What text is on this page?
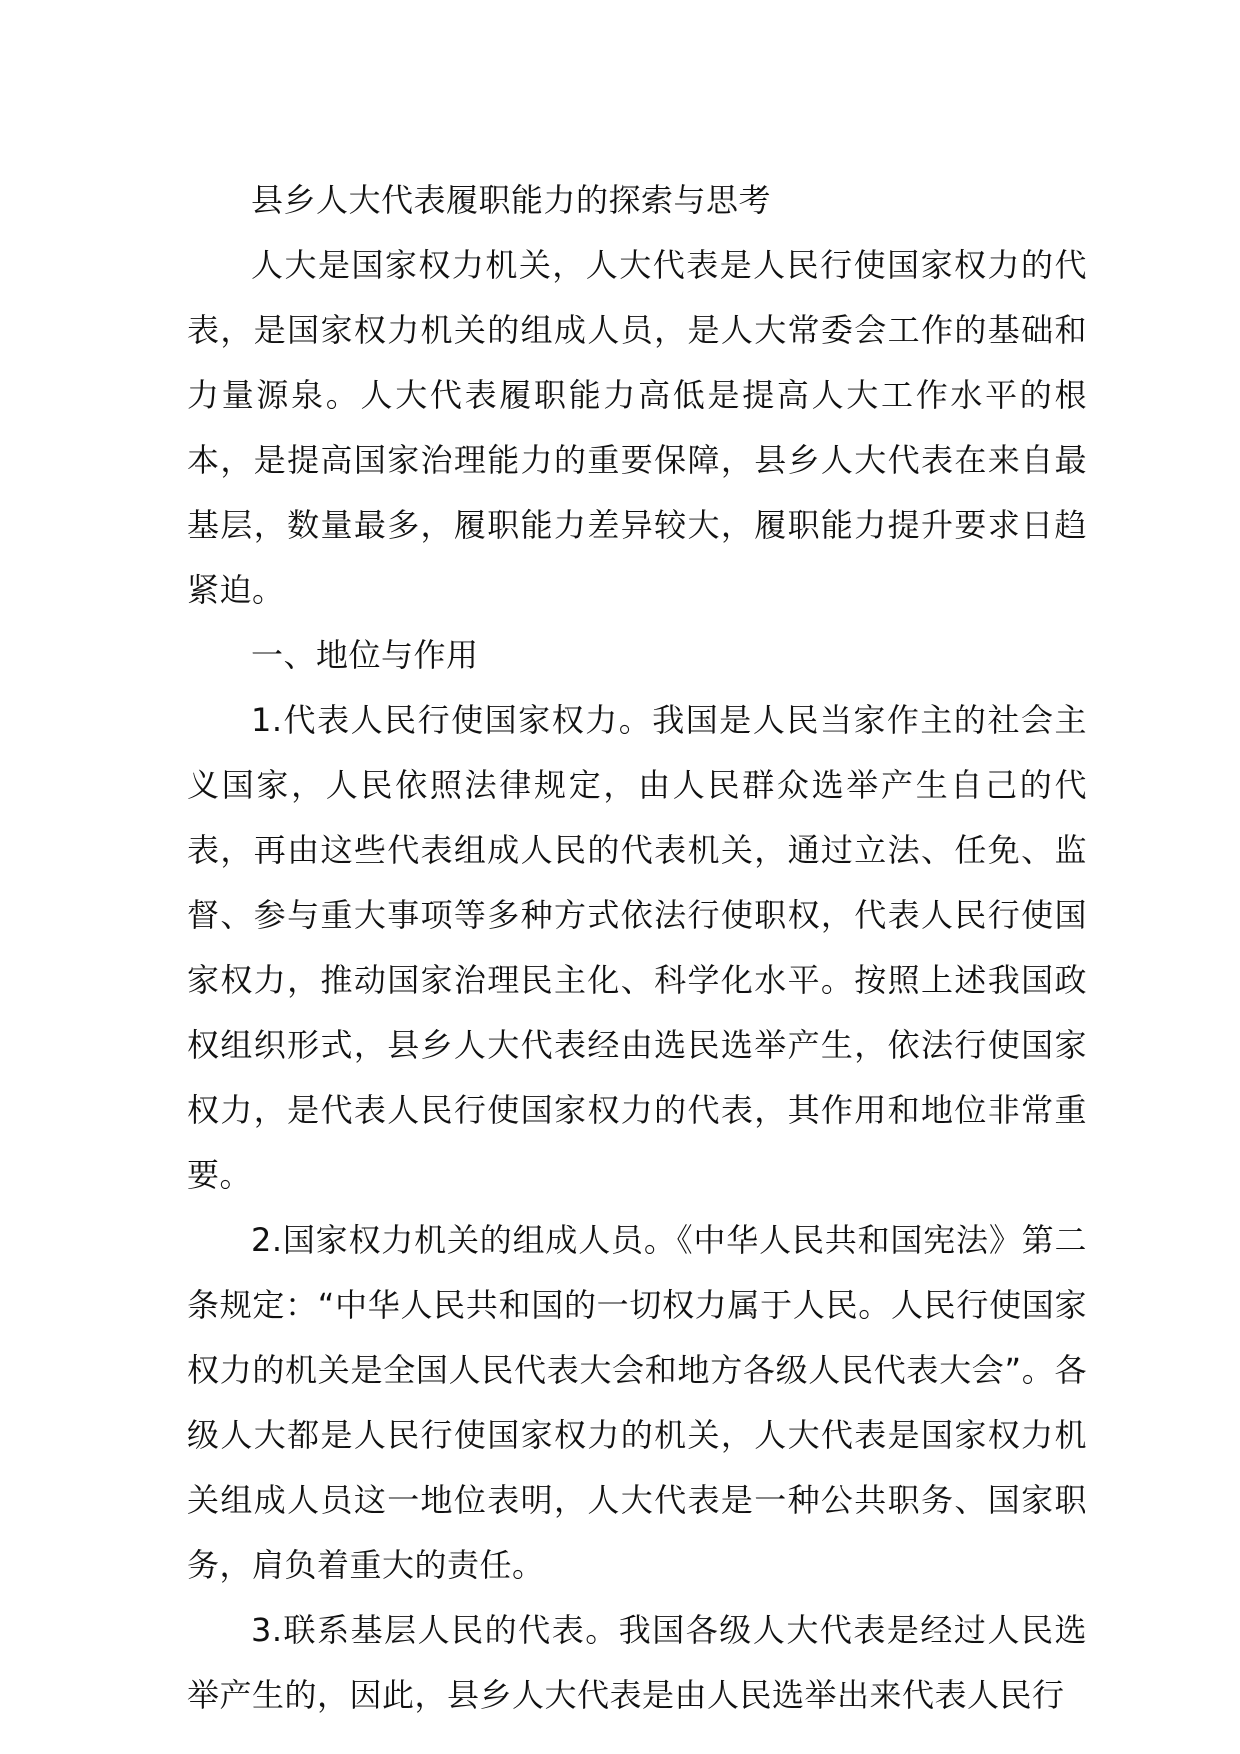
县乡人大代表履职能力的探索与思考

人大是国家权力机关，人大代表是人民行使国家权力的代表，是国家权力机关的组成人员，是人大常委会工作的基础和力量源泉。人大代表履职能力高低是提高人大工作水平的根本，是提高国家治理能力的重要保障，县乡人大代表在来自最基层，数量最多，履职能力差异较大，履职能力提升要求日趋紧迫。

一、地位与作用

1.代表人民行使国家权力。我国是人民当家作主的社会主义国家，人民依照法律规定，由人民群众选举产生自己的代表，再由这些代表组成人民的代表机关，通过立法、任免、监督、参与重大事项等多种方式依法行使职权，代表人民行使国家权力，推动国家治理民主化、科学化水平。按照上述我国政权组织形式，县乡人大代表经由选民选举产生，依法行使国家权力，是代表人民行使国家权力的代表，其作用和地位非常重要。

2.国家权力机关的组成人员。《中华人民共和国宪法》第二条规定：“中华人民共和国的一切权力属于人民。人民行使国家权力的机关是全国人民代表大会和地方各级人民代表大会”。各级人大都是人民行使国家权力的机关，人大代表是国家权力机关组成人员这一地位表明，人大代表是一种公共职务、国家职务，肩负着重大的责任。

3.联系基层人民的代表。我国各级人大代表是经过人民选举产生的，因此，县乡人大代表是由人民选举出来代表人民行
